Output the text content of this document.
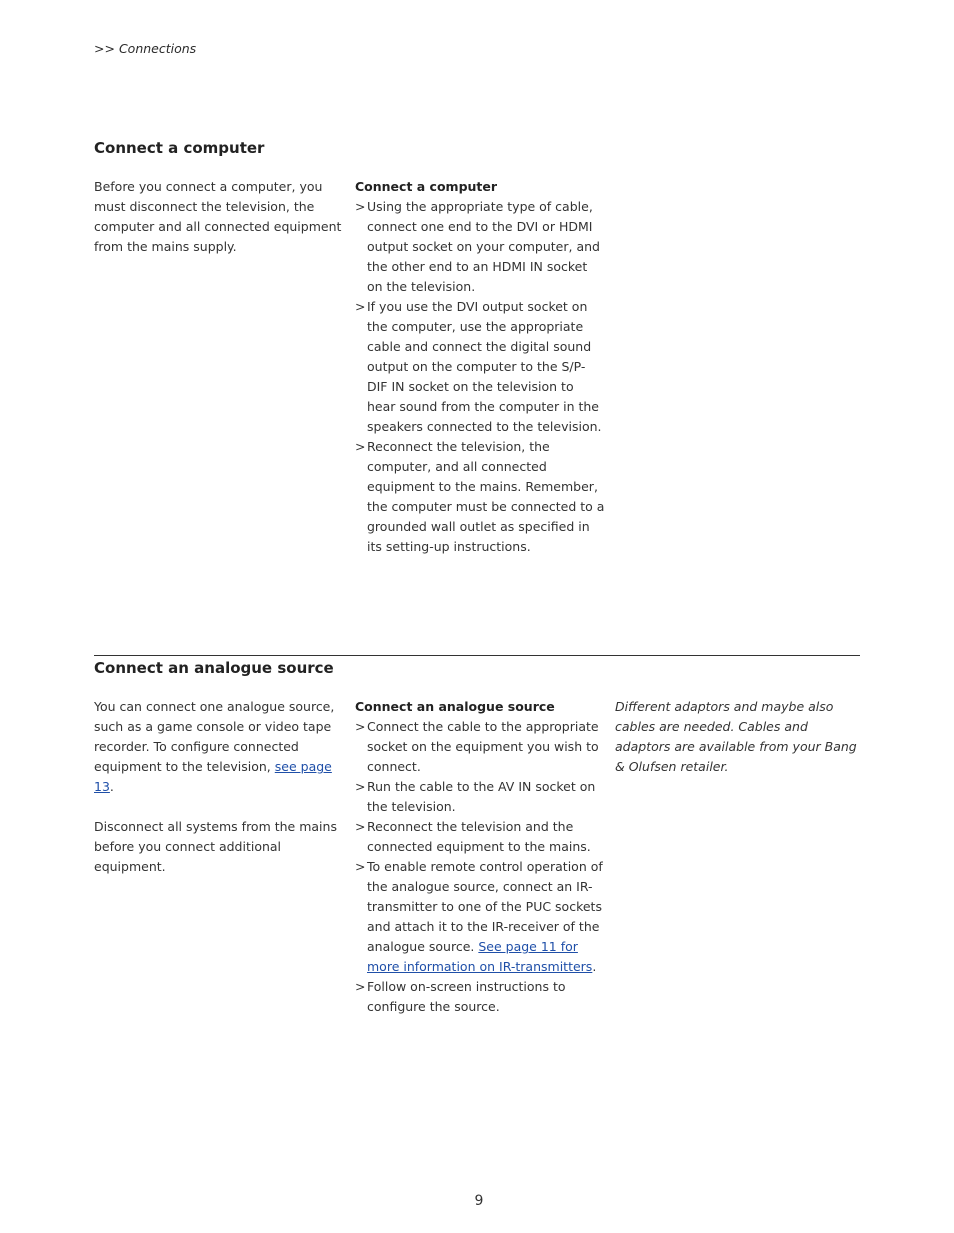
>> Connections
Connect a computer

Before you connect a computer, you must disconnect the television, the computer and all connected equipment from the mains supply.

Connect a computer

> Using the appropriate type of cable, connect one end to the DVI or HDMI output socket on your computer, and the other end to an HDMI IN socket on the television.
> If you use the DVI output socket on the computer, use the appropriate cable and connect the digital sound output on the computer to the S/P-DIF IN socket on the television to hear sound from the computer in the speakers connected to the television.
> Reconnect the television, the computer, and all connected equipment to the mains. Remember, the computer must be connected to a grounded wall outlet as specified in its setting-up instructions.
Connect an analogue source

You can connect one analogue source, such as a game console or video tape recorder. To configure connected equipment to the television, see page 13.

Disconnect all systems from the mains before you connect additional equipment.

Connect an analogue source

> Connect the cable to the appropriate socket on the equipment you wish to connect.
> Run the cable to the AV IN socket on the television.
> Reconnect the television and the connected equipment to the mains.
> To enable remote control operation of the analogue source, connect an IR-transmitter to one of the PUC sockets and attach it to the IR-receiver of the analogue source. See page 11 for more information on IR-transmitters.
> Follow on-screen instructions to configure the source.

Different adaptors and maybe also cables are needed. Cables and adaptors are available from your Bang & Olufsen retailer.

9
